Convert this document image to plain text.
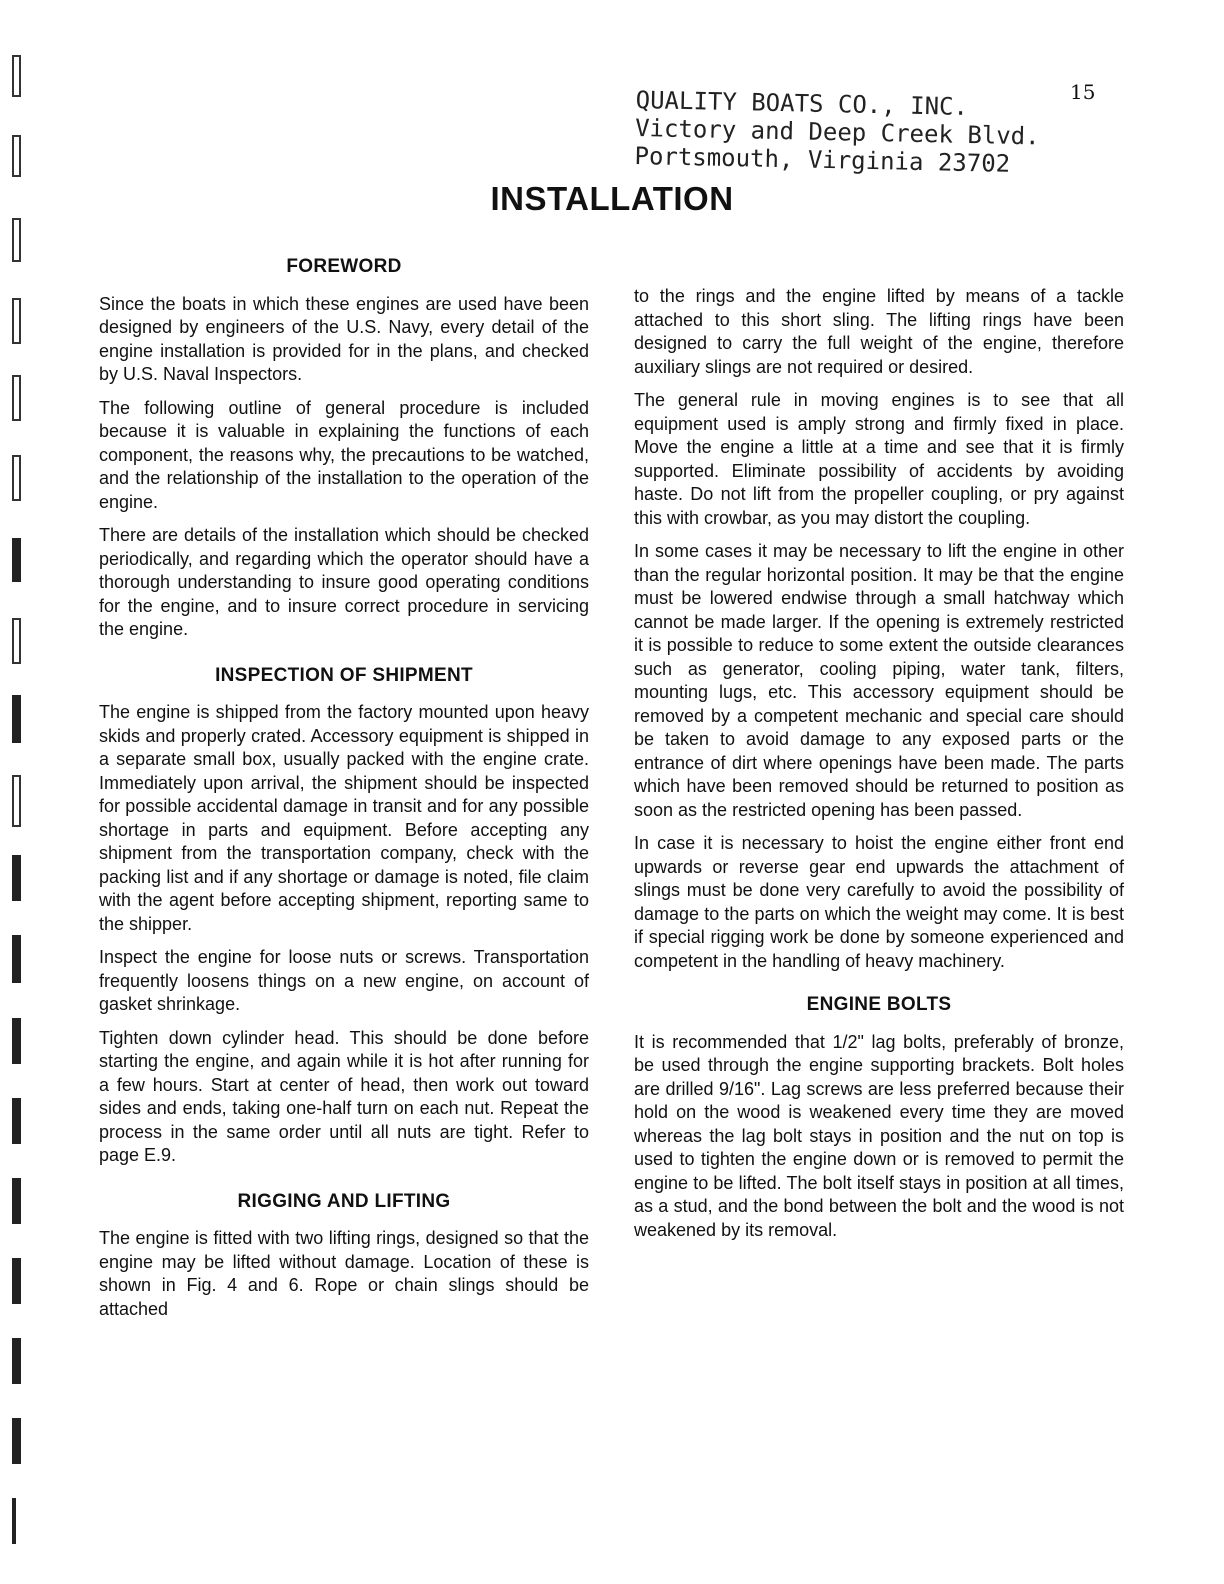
15
QUALITY BOATS CO., INC.
Victory and Deep Creek Blvd.
Portsmouth, Virginia 23702
INSTALLATION
FOREWORD

Since the boats in which these engines are used have been designed by engineers of the U.S. Navy, every detail of the engine installation is provided for in the plans, and checked by U.S. Naval Inspectors.

The following outline of general procedure is included because it is valuable in explaining the functions of each component, the reasons why, the precautions to be watched, and the relationship of the installation to the operation of the engine.

There are details of the installation which should be checked periodically, and regarding which the operator should have a thorough understanding to insure good operating conditions for the engine, and to insure correct procedure in servicing the engine.

INSPECTION OF SHIPMENT

The engine is shipped from the factory mounted upon heavy skids and properly crated. Accessory equipment is shipped in a separate small box, usually packed with the engine crate. Immediately upon arrival, the shipment should be inspected for possible accidental damage in transit and for any possible shortage in parts and equipment. Before accepting any shipment from the transportation company, check with the packing list and if any shortage or damage is noted, file claim with the agent before accepting shipment, reporting same to the shipper.

Inspect the engine for loose nuts or screws. Transportation frequently loosens things on a new engine, on account of gasket shrinkage.

Tighten down cylinder head. This should be done before starting the engine, and again while it is hot after running for a few hours. Start at center of head, then work out toward sides and ends, taking one-half turn on each nut. Repeat the process in the same order until all nuts are tight. Refer to page E.9.

RIGGING AND LIFTING

The engine is fitted with two lifting rings, designed so that the engine may be lifted without damage. Location of these is shown in Fig. 4 and 6. Rope or chain slings should be attached

to the rings and the engine lifted by means of a tackle attached to this short sling. The lifting rings have been designed to carry the full weight of the engine, therefore auxiliary slings are not required or desired.

The general rule in moving engines is to see that all equipment used is amply strong and firmly fixed in place. Move the engine a little at a time and see that it is firmly supported. Eliminate possibility of accidents by avoiding haste. Do not lift from the propeller coupling, or pry against this with crowbar, as you may distort the coupling.

In some cases it may be necessary to lift the engine in other than the regular horizontal position. It may be that the engine must be lowered endwise through a small hatchway which cannot be made larger. If the opening is extremely restricted it is possible to reduce to some extent the outside clearances such as generator, cooling piping, water tank, filters, mounting lugs, etc. This accessory equipment should be removed by a competent mechanic and special care should be taken to avoid damage to any exposed parts or the entrance of dirt where openings have been made. The parts which have been removed should be returned to position as soon as the restricted opening has been passed.

In case it is necessary to hoist the engine either front end upwards or reverse gear end upwards the attachment of slings must be done very carefully to avoid the possibility of damage to the parts on which the weight may come. It is best if special rigging work be done by someone experienced and competent in the handling of heavy machinery.

ENGINE BOLTS

It is recommended that 1/2" lag bolts, preferably of bronze, be used through the engine supporting brackets. Bolt holes are drilled 9/16". Lag screws are less preferred because their hold on the wood is weakened every time they are moved whereas the lag bolt stays in position and the nut on top is used to tighten the engine down or is removed to permit the engine to be lifted. The bolt itself stays in position at all times, as a stud, and the bond between the bolt and the wood is not weakened by its removal.
